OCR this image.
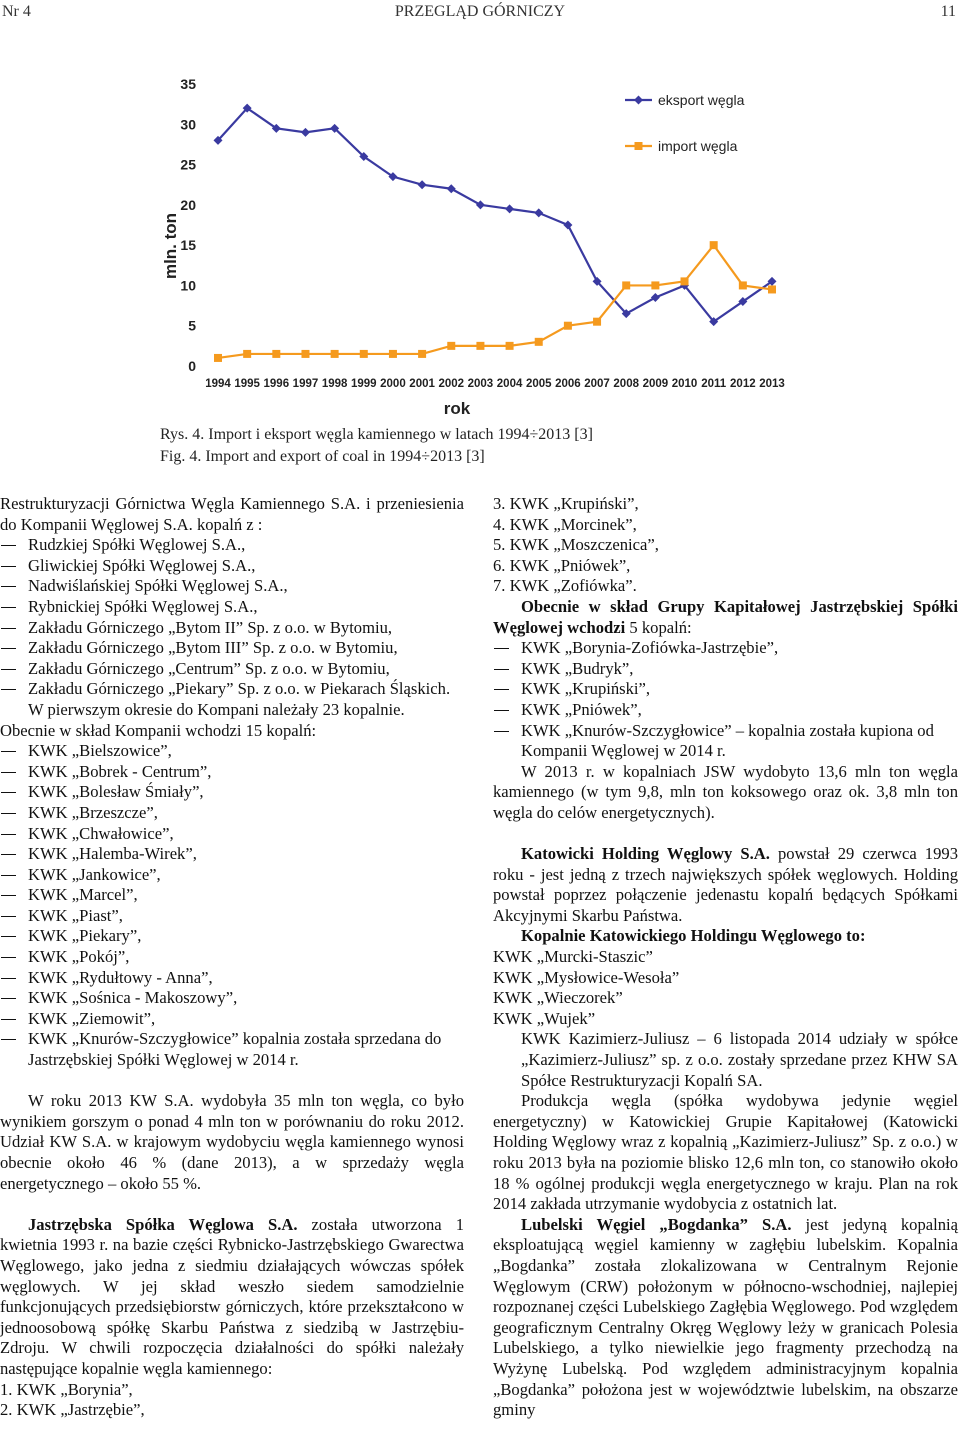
Nr 4	PRZEGLĄD GÓRNICZY	11
0
5
10
15
20
25
30
35
1994 1995 1996 1997 1998 1999 2000 2001 2002 2003 2004 2005 2006 2007 2008 2009 2010 2011 2012 2013
eksport węgla
import węgla
mln. ton
rok
Rys. 4. Import i eksport węgla kamiennego w latach 1994÷2013 [3]
Fig. 4. Import and export of coal in 1994÷2013 [3]

Restrukturyzacji Górnictwa Węgla Kamiennego S.A. i przeniesienia do Kompanii Węglowej S.A. kopalń z :

Rudzkiej Spółki Węglowej S.A.,
Gliwickiej Spółki Węglowej S.A.,
Nadwiślańskiej Spółki Węglowej S.A.,
Rybnickiej Spółki Węglowej S.A.,
Zakładu Górniczego „Bytom II” Sp. z o.o. w Bytomiu,
Zakładu Górniczego „Bytom III” Sp. z o.o. w Bytomiu,
Zakładu Górniczego „Centrum” Sp. z o.o. w Bytomiu,
Zakładu Górniczego „Piekary” Sp. z o.o. w Piekarach Śląskich.

W pierwszym okresie do Kompani należały 23 kopalnie.

Obecnie w skład Kompanii wchodzi 15 kopalń:

KWK „Bielszowice”,
KWK „Bobrek - Centrum”,
KWK „Bolesław Śmiały”,
KWK „Brzeszcze”,
KWK „Chwałowice”,
KWK „Halemba-Wirek”,
KWK „Jankowice”,
KWK „Marcel”,
KWK „Piast”,
KWK „Piekary”,
KWK „Pokój”,
KWK „Rydułtowy - Anna”,
KWK „Sośnica - Makoszowy”,
KWK „Ziemowit”,
KWK „Knurów-Szczygłowice” kopalnia została sprzedana do Jastrzębskiej Spółki Węglowej w 2014 r.

W roku 2013 KW S.A. wydobyła 35 mln ton węgla, co było wynikiem gorszym o ponad 4 mln ton w porównaniu do roku 2012. Udział KW S.A. w krajowym wydobyciu węgla kamiennego wynosi obecnie około 46 % (dane 2013), a w sprzedaży węgla energetycznego – około 55 %.

Jastrzębska Spółka Węglowa S.A. została utworzona 1 kwietnia 1993 r. na bazie części Rybnicko-Jastrzębskiego Gwarectwa Węglowego, jako jedna z siedmiu działających wówczas spółek węglowych. W jej skład weszło siedem samodzielnie funkcjonujących przedsiębiorstw górniczych, które przekształcono w jednoosobową spółkę Skarbu Państwa z siedzibą w Jastrzębiu-Zdroju. W chwili rozpoczęcia działalności do spółki należały następujące kopalnie węgla kamiennego:

1. KWK „Borynia”,
2. KWK „Jastrzębie”,
3. KWK „Krupiński”,
4. KWK „Morcinek”,
5. KWK „Moszczenica”,
6. KWK „Pniówek”,
7. KWK „Zofiówka”.

Obecnie w skład Grupy Kapitałowej Jastrzębskiej Spółki Węglowej wchodzi 5 kopalń:

KWK „Borynia-Zofiówka-Jastrzębie”,
KWK „Budryk”,
KWK „Krupiński”,
KWK „Pniówek”,
KWK „Knurów-Szczygłowice” – kopalnia została kupiona od Kompanii Węglowej w 2014 r.

W 2013 r. w kopalniach JSW wydobyto 13,6 mln ton węgla kamiennego (w tym 9,8, mln ton koksowego oraz ok. 3,8 mln ton węgla do celów energetycznych).

Katowicki Holding Węglowy S.A. powstał 29 czerwca 1993 roku - jest jedną z trzech największych spółek węglowych. Holding powstał poprzez połączenie jedenastu kopalń będących Spółkami Akcyjnymi Skarbu Państwa.

Kopalnie Katowickiego Holdingu Węglowego to:

KWK „Murcki-Staszic”
KWK „Mysłowice-Wesoła”
KWK „Wieczorek”
KWK „Wujek”

KWK Kazimierz-Juliusz – 6 listopada 2014 udziały w spółce „Kazimierz-Juliusz” sp. z o.o. zostały sprzedane przez KHW SA Spółce Restrukturyzacji Kopalń SA.

Produkcja węgla (spółka wydobywa jedynie węgiel energetyczny) w Katowickiej Grupie Kapitałowej (Katowicki Holding Węglowy wraz z kopalnią „Kazimierz-Juliusz” Sp. z o.o.) w roku 2013 była na poziomie blisko 12,6 mln ton, co stanowiło około 18 % ogólnej produkcji węgla energetycznego w kraju. Plan na rok 2014 zakłada utrzymanie wydobycia z ostatnich lat.

Lubelski Węgiel „Bogdanka” S.A. jest jedyną kopalnią eksploatującą węgiel kamienny w zagłębiu lubelskim. Kopalnia „Bogdanka” została zlokalizowana w Centralnym Rejonie Węglowym (CRW) położonym w północno-wschodniej, najlepiej rozpoznanej części Lubelskiego Zagłębia Węglowego. Pod względem geograficznym Centralny Okręg Węglowy leży w granicach Polesia Lubelskiego, a tylko niewielkie jego fragmenty przechodzą na Wyżynę Lubelską. Pod względem administracyjnym kopalnia „Bogdanka” położona jest w województwie lubelskim, na obszarze gminy
